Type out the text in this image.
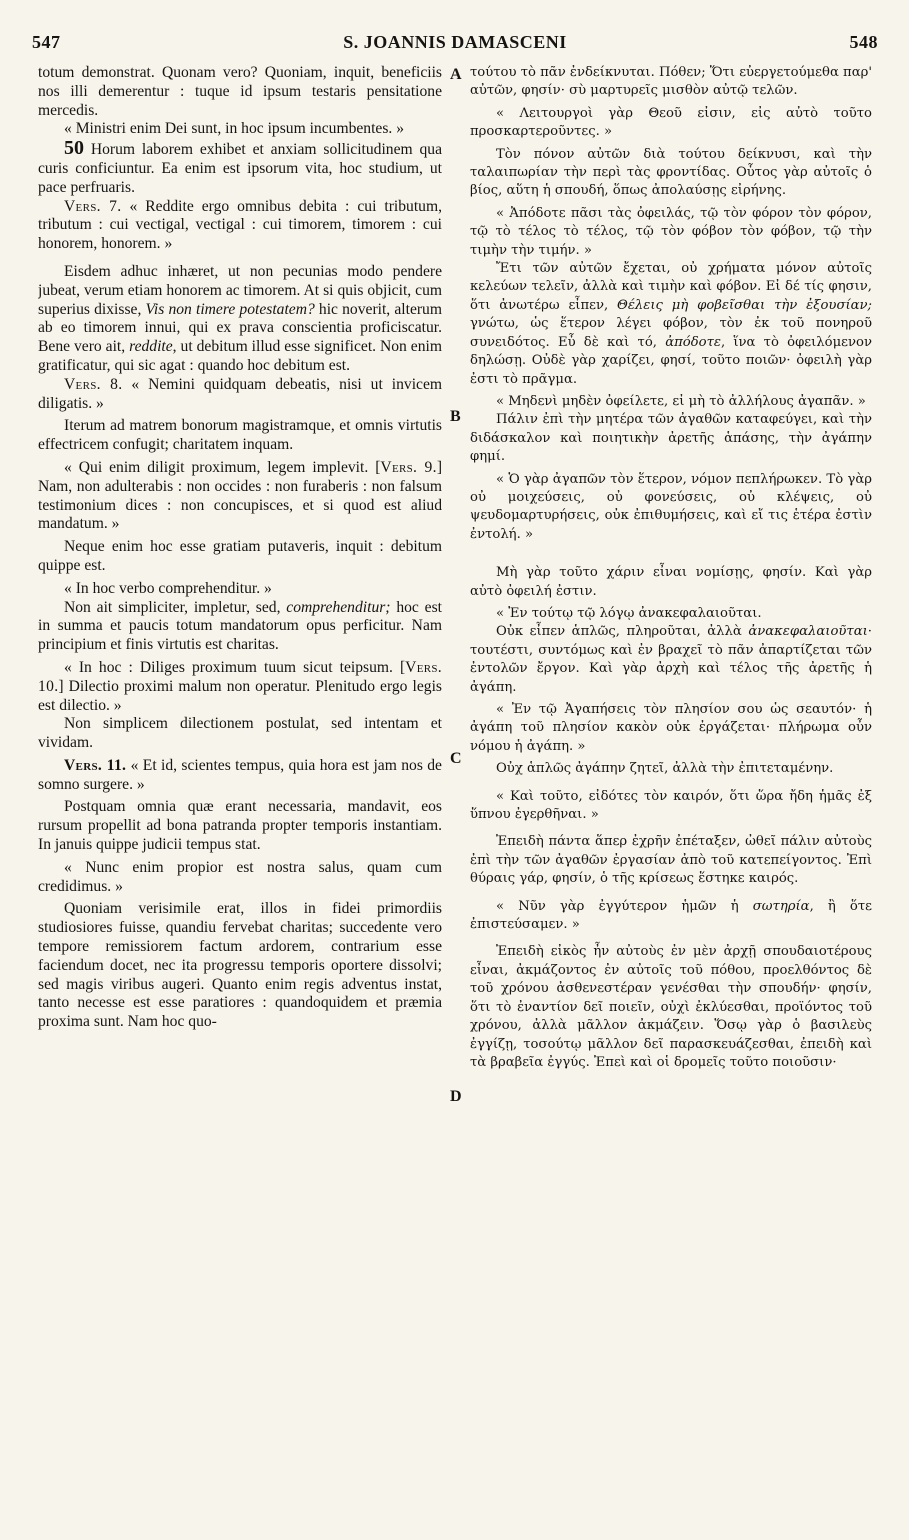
547	S. JOANNIS DAMASCENI	548
A
B
C
D

totum demonstrat. Quonam vero? Quoniam, inquit, beneficiis nos illi demerentur : tuque id ipsum testaris pensitatione mercedis.

« Ministri enim Dei sunt, in hoc ipsum incumbentes. »

50 Horum laborem exhibet et anxiam sollicitudinem qua curis conficiuntur. Ea enim est ipsorum vita, hoc studium, ut pace perfruaris.

Vers. 7. « Reddite ergo omnibus debita : cui tributum, tributum : cui vectigal, vectigal : cui timorem, timorem : cui honorem, honorem. »

Eisdem adhuc inhæret, ut non pecunias modo pendere jubeat, verum etiam honorem ac timorem. At si quis objicit, cum superius dixisse, Vis non timere potestatem? hic noverit, alterum ab eo timorem innui, qui ex prava conscientia proficiscatur. Bene vero ait, reddite, ut debitum illud esse significet. Non enim gratificatur, qui sic agat : quando hoc debitum est.

Vers. 8. « Nemini quidquam debeatis, nisi ut invicem diligatis. »

Iterum ad matrem bonorum magistramque, et omnis virtutis effectricem confugit; charitatem inquam.

« Qui enim diligit proximum, legem implevit. [Vers. 9.] Nam, non adulterabis : non occides : non furaberis : non falsum testimonium dices : non concupisces, et si quod est aliud mandatum. »

Neque enim hoc esse gratiam putaveris, inquit : debitum quippe est.

« In hoc verbo comprehenditur. »

Non ait simpliciter, impletur, sed, comprehenditur; hoc est in summa et paucis totum mandatorum opus perficitur. Nam principium et finis virtutis est charitas.

« In hoc : Diliges proximum tuum sicut teipsum. [Vers. 10.] Dilectio proximi malum non operatur. Plenitudo ergo legis est dilectio. »

Non simplicem dilectionem postulat, sed intentam et vividam.

Vers. 11. « Et id, scientes tempus, quia hora est jam nos de somno surgere. »

Postquam omnia quæ erant necessaria, mandavit, eos rursum propellit ad bona patranda propter temporis instantiam. In januis quippe judicii tempus stat.

« Nunc enim propior est nostra salus, quam cum credidimus. »

Quoniam verisimile erat, illos in fidei primordiis studiosiores fuisse, quandiu fervebat charitas; succedente vero tempore remissiorem factum ardorem, contrarium esse faciendum docet, nec ita progressu temporis oportere dissolvi; sed magis viribus augeri. Quanto enim regis adventus instat, tanto necesse est esse paratiores : quandoquidem et præmia proxima sunt. Nam hoc quo-

τούτου τὸ πᾶν ἐνδείκνυται. Πόθεν; Ὅτι εὐεργετούμεθα παρ' αὐτῶν, φησίν· σὺ μαρτυρεῖς μισθὸν αὐτῷ τελῶν.

« Λειτουργοὶ γὰρ Θεοῦ εἰσιν, εἰς αὐτὸ τοῦτο προσκαρτεροῦντες. »

Τὸν πόνον αὐτῶν διὰ τούτου δείκνυσι, καὶ τὴν ταλαιπωρίαν τὴν περὶ τὰς φροντίδας. Οὗτος γὰρ αὐτοῖς ὁ βίος, αὕτη ἡ σπουδή, ὅπως ἀπολαύσῃς εἰρήνης.

« Ἀπόδοτε πᾶσι τὰς ὀφειλάς, τῷ τὸν φόρον τὸν φόρον, τῷ τὸ τέλος τὸ τέλος, τῷ τὸν φόβον τὸν φόβον, τῷ τὴν τιμὴν τὴν τιμήν. »

Ἔτι τῶν αὐτῶν ἔχεται, οὐ χρήματα μόνον αὐτοῖς κελεύων τελεῖν, ἀλλὰ καὶ τιμὴν καὶ φόβον. Εἰ δέ τίς φησιν, ὅτι ἀνωτέρω εἶπεν, Θέλεις μὴ φοβεῖσθαι τὴν ἐξουσίαν; γνώτω, ὡς ἕτερον λέγει φόβον, τὸν ἐκ τοῦ πονηροῦ συνειδότος. Εὖ δὲ καὶ τό, ἀπόδοτε, ἵνα τὸ ὀφειλόμενον δηλώσῃ. Οὐδὲ γὰρ χαρίζει, φησί, τοῦτο ποιῶν· ὀφειλὴ γὰρ ἐστι τὸ πρᾶγμα.

« Μηδενὶ μηδὲν ὀφείλετε, εἰ μὴ τὸ ἀλλήλους ἀγαπᾶν. »

Πάλιν ἐπὶ τὴν μητέρα τῶν ἀγαθῶν καταφεύγει, καὶ τὴν διδάσκαλον καὶ ποιητικὴν ἀρετῆς ἁπάσης, τὴν ἀγάπην φημί.

« Ὁ γὰρ ἀγαπῶν τὸν ἕτερον, νόμον πεπλήρωκεν. Τὸ γὰρ οὐ μοιχεύσεις, οὐ φονεύσεις, οὐ κλέψεις, οὐ ψευδομαρτυρήσεις, οὐκ ἐπιθυμήσεις, καὶ εἴ τις ἑτέρα ἐστὶν ἐντολή. »

Μὴ γὰρ τοῦτο χάριν εἶναι νομίσῃς, φησίν. Καὶ γὰρ αὐτὸ ὀφειλή ἐστιν.

« Ἐν τούτῳ τῷ λόγῳ ἀνακεφαλαιοῦται.

Οὐκ εἶπεν ἁπλῶς, πληροῦται, ἀλλὰ ἀνακεφαλαιοῦται· τουτέστι, συντόμως καὶ ἐν βραχεῖ τὸ πᾶν ἀπαρτίζεται τῶν ἐντολῶν ἔργον. Καὶ γὰρ ἀρχὴ καὶ τέλος τῆς ἀρετῆς ἡ ἀγάπη.

« Ἐν τῷ Ἀγαπήσεις τὸν πλησίον σου ὡς σεαυτόν· ἡ ἀγάπη τοῦ πλησίον κακὸν οὐκ ἐργάζεται· πλήρωμα οὖν νόμου ἡ ἀγάπη. »

Οὐχ ἁπλῶς ἀγάπην ζητεῖ, ἀλλὰ τὴν ἐπιτεταμένην.

« Καὶ τοῦτο, εἰδότες τὸν καιρόν, ὅτι ὥρα ἤδη ἡμᾶς ἐξ ὕπνου ἐγερθῆναι. »

Ἐπειδὴ πάντα ἅπερ ἐχρῆν ἐπέταξεν, ὠθεῖ πάλιν αὐτοὺς ἐπὶ τὴν τῶν ἀγαθῶν ἐργασίαν ἀπὸ τοῦ κατεπείγοντος. Ἐπὶ θύραις γάρ, φησίν, ὁ τῆς κρίσεως ἕστηκε καιρός.

« Νῦν γὰρ ἐγγύτερον ἡμῶν ἡ σωτηρία, ἢ ὅτε ἐπιστεύσαμεν. »

Ἐπειδὴ εἰκὸς ἦν αὐτοὺς ἐν μὲν ἀρχῇ σπουδαιοτέρους εἶναι, ἀκμάζοντος ἐν αὐτοῖς τοῦ πόθου, προελθόντος δὲ τοῦ χρόνου ἀσθενεστέραν γενέσθαι τὴν σπουδήν· φησίν, ὅτι τὸ ἐναντίον δεῖ ποιεῖν, οὐχὶ ἐκλύεσθαι, προϊόντος τοῦ χρόνου, ἀλλὰ μᾶλλον ἀκμάζειν. Ὅσῳ γὰρ ὁ βασιλεὺς ἐγγίζῃ, τοσούτῳ μᾶλλον δεῖ παρασκευάζεσθαι, ἐπειδὴ καὶ τὰ βραβεῖα ἐγγύς. Ἐπεὶ καὶ οἱ δρομεῖς τοῦτο ποιοῦσιν·
